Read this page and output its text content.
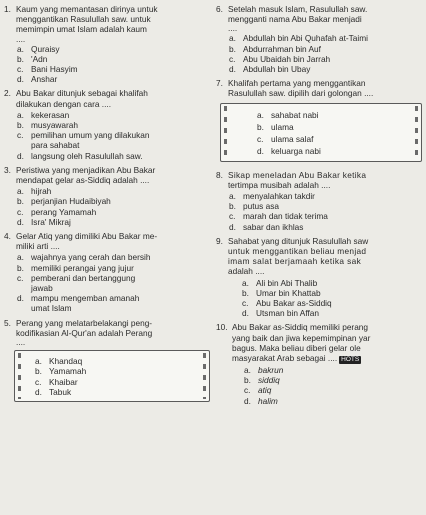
1. Kaum yang memantasan dirinya untuk
menggantikan Rasulullah saw. untuk
memimpin umat Islam adalah kaum
....
a. Quraisy
b. 'Adn
c. Bani Hasyim
d. Anshar
2. Abu Bakar ditunjuk sebagai khalifah
dilakukan dengan cara ....
a. kekerasan
b. musyawarah
c. pemilihan umum yang dilakukan
para sahabat
d. langsung oleh Rasulullah saw.
3. Peristiwa yang menjadikan Abu Bakar
mendapat gelar as-Siddiq adalah ....
a. hijrah
b. perjanjian Hudaibiyah
c. perang Yamamah
d. Isra' Mikraj
4. Gelar Atiq yang dimiliki Abu Bakar me-
miliki arti ....
a. wajahnya yang cerah dan bersih
b. memiliki perangai yang jujur
c. pemberani dan bertanggung
jawab
d. mampu mengemban amanah
umat Islam
5. Perang yang melatarbelakangi peng-
kodifikasian Al-Qur'an adalah Perang
....
a. Khandaq
b. Yamamah
c. Khaibar
d. Tabuk
6. Setelah masuk Islam, Rasulullah saw.
mengganti nama Abu Bakar menjadi
....
a. Abdullah bin Abi Quhafah at-Taimi
b. Abdurrahman bin Auf
c. Abu Ubaidah bin Jarrah
d. Abdullah bin Ubay
7. Khalifah pertama yang menggantikan
Rasulullah saw. dipilih dari golongan ....
a. sahabat nabi
b. ulama
c. ulama salaf
d. keluarga nabi
8. Sikap meneladan Abu Bakar ketika
tertimpa musibah adalah ....
a. menyalahkan takdir
b. putus asa
c. marah dan tidak terima
d. sabar dan ikhlas
9. Sahabat yang ditunjuk Rasulullah saw
untuk menggantikan beliau menjad
imam salat berjamaah ketika sak
adalah ....
a. Ali bin Abi Thalib
b. Umar bin Khattab
c. Abu Bakar as-Siddiq
d. Utsman bin Affan
10. Abu Bakar as-Siddiq memiliki perang
yang baik dan jiwa kepemimpinan yar
bagus. Maka beliau diberi gelar ole
masyarakat Arab sebagai .... HOTS
a. bakrun
b. siddiq
c. atiq
d. halim
